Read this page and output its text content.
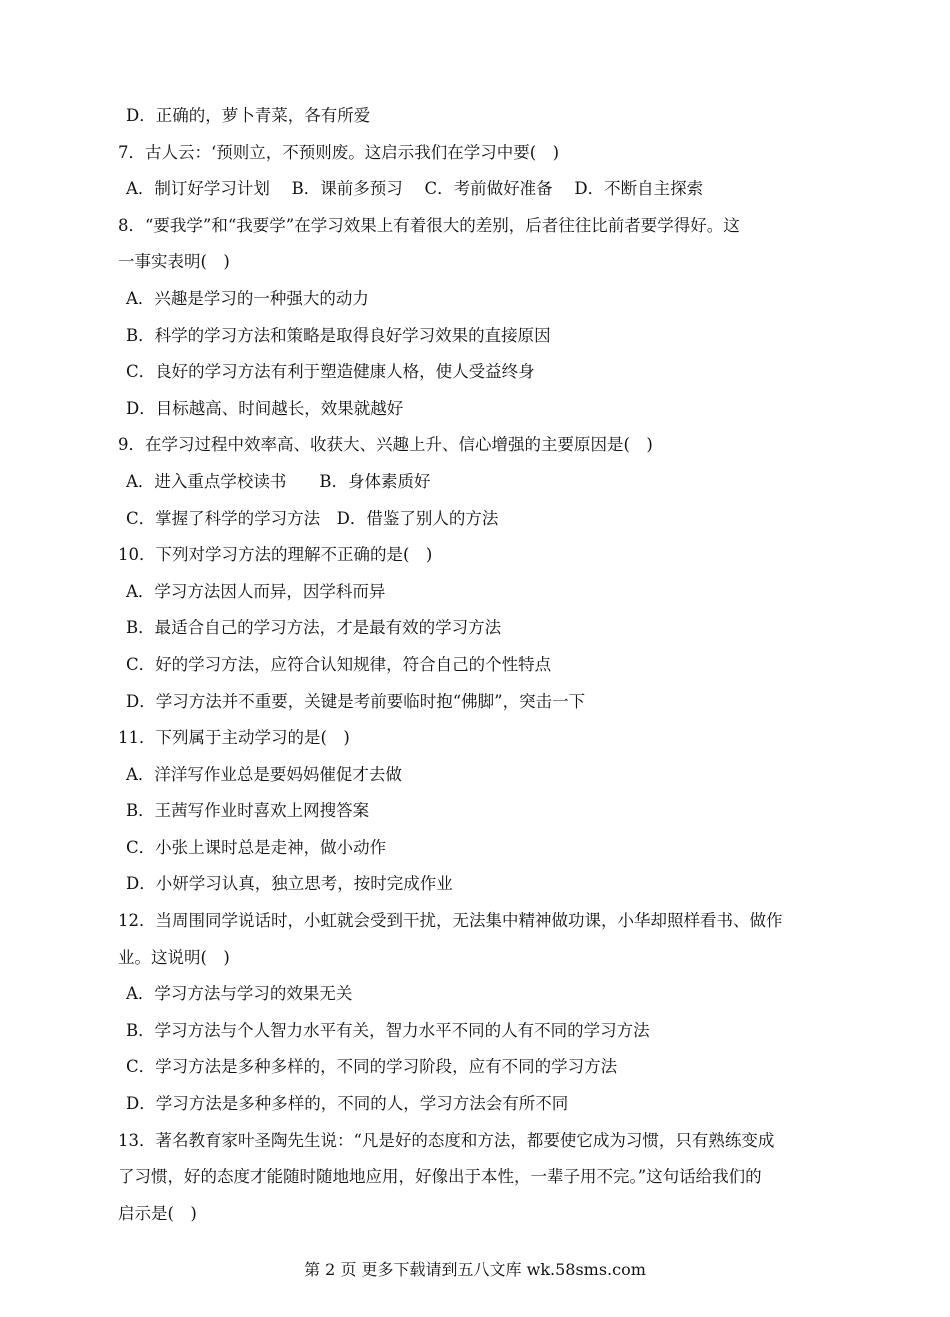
D．正确的，萝卜青菜，各有所爱
7．古人云：‘预则立，不预则废。这启示我们在学习中要(　)
A．制订好学习计划　 B．课前多预习　 C．考前做好准备　 D．不断自主探索
8．“要我学”和“我要学”在学习效果上有着很大的差别，后者往往比前者要学得好。这
一事实表明(　)
A．兴趣是学习的一种强大的动力
B．科学的学习方法和策略是取得良好学习效果的直接原因
C．良好的学习方法有利于塑造健康人格，使人受益终身
D．目标越高、时间越长，效果就越好
9．在学习过程中效率高、收获大、兴趣上升、信心增强的主要原因是(　)
A．进入重点学校读书　　B．身体素质好
C．掌握了科学的学习方法　D．借鉴了别人的方法
10．下列对学习方法的理解不正确的是(　)
A．学习方法因人而异，因学科而异
B．最适合自己的学习方法，才是最有效的学习方法
C．好的学习方法，应符合认知规律，符合自己的个性特点
D．学习方法并不重要，关键是考前要临时抱“佛脚”，突击一下
11．下列属于主动学习的是(　)
A．洋洋写作业总是要妈妈催促才去做
B．王茜写作业时喜欢上网搜答案
C．小张上课时总是走神，做小动作
D．小妍学习认真，独立思考，按时完成作业
12．当周围同学说话时，小虹就会受到干扰，无法集中精神做功课，小华却照样看书、做作
业。这说明(　)
A．学习方法与学习的效果无关
B．学习方法与个人智力水平有关，智力水平不同的人有不同的学习方法
C．学习方法是多种多样的，不同的学习阶段，应有不同的学习方法
D．学习方法是多种多样的，不同的人，学习方法会有所不同
13．著名教育家叶圣陶先生说：“凡是好的态度和方法，都要使它成为习惯，只有熟练变成
了习惯，好的态度才能随时随地地应用，好像出于本性，一辈子用不完。”这句话给我们的
启示是(　)
第 2 页 更多下载请到五八文库 wk.58sms.com
